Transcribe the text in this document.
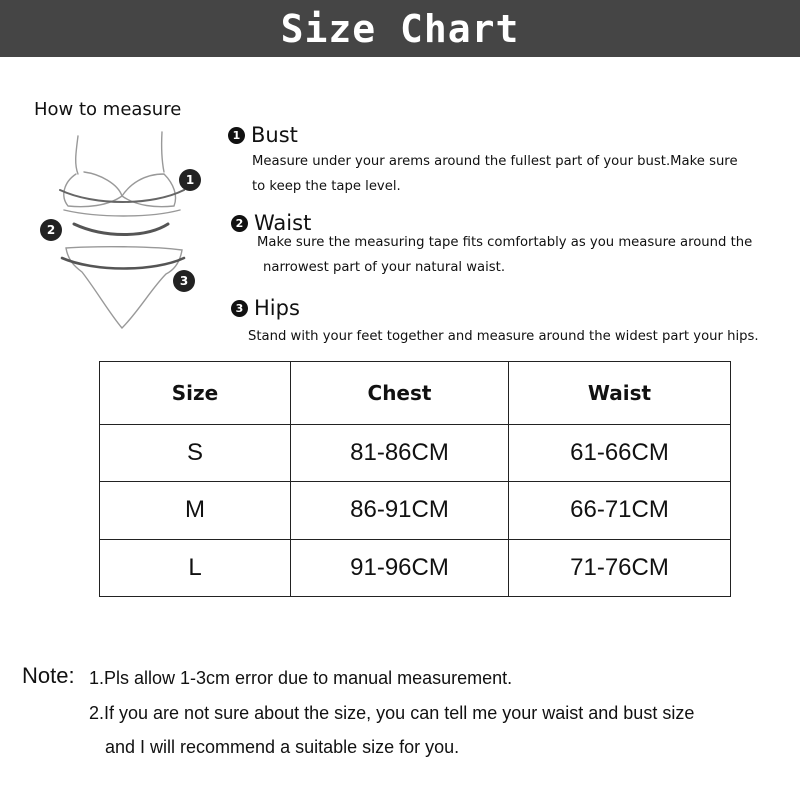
Size Chart
How to measure
1
2
3
1 Bust
Measure under your arems around the fullest part of your bust.Make sure
to keep the tape level.
2 Waist
Make sure the measuring tape fits comfortably as you measure around the
narrowest part of your natural waist.
3 Hips
Stand with your feet together and measure around the widest part your hips.
Size	Chest	Waist
S	81-86CM	61-66CM
M	86-91CM	66-71CM
L	91-96CM	71-76CM
Note: 1.Pls allow 1-3cm error due to manual measurement.
2.If you are not sure about the size, you can tell me your waist and bust size
and I will recommend a suitable size for you.
